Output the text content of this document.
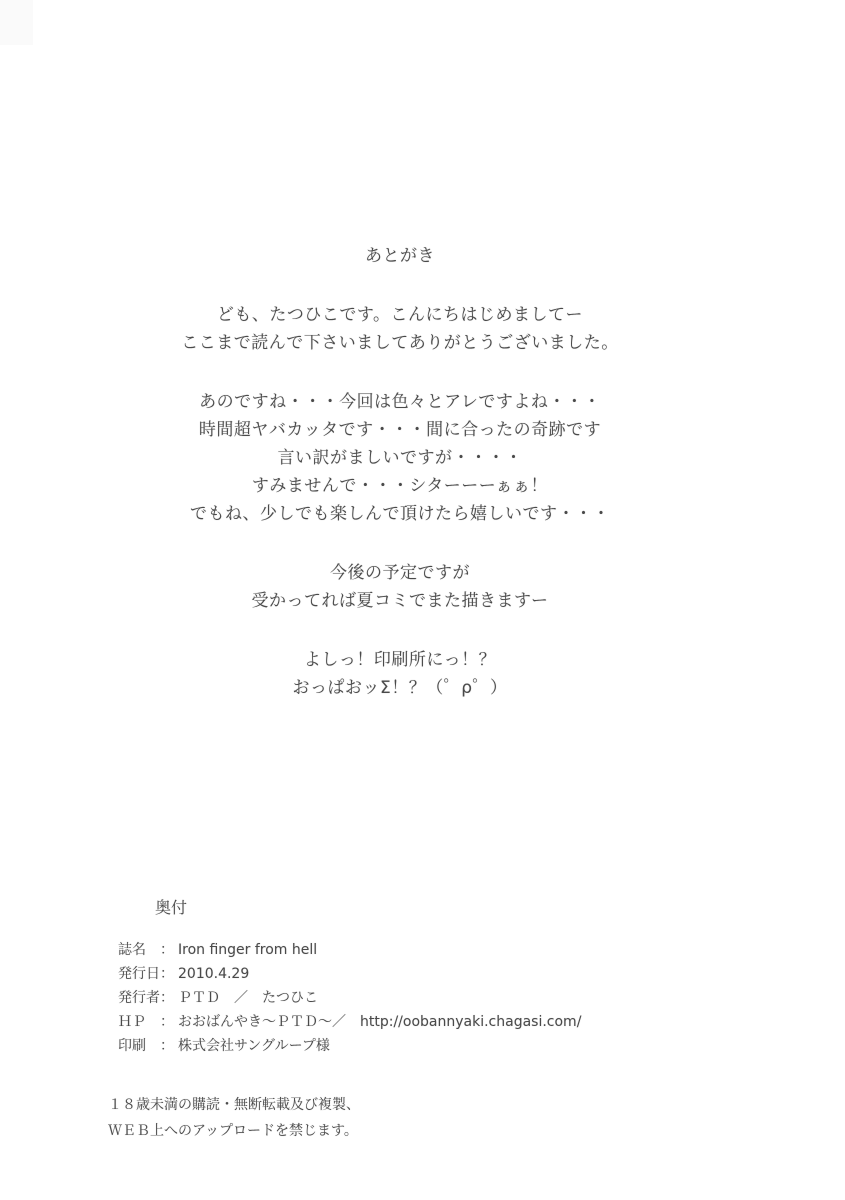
あとがき

ども、たつひこです。こんにちはじめましてー
ここまで読んで下さいましてありがとうございました。

あのですね・・・今回は色々とアレですよね・・・
時間超ヤバカッタです・・・間に合ったの奇跡です
言い訳がましいですが・・・・
すみませんで・・・シターーーぁぁ！
でもね、少しでも楽しんで頂けたら嬉しいです・・・

今後の予定ですが
受かってれば夏コミでまた描きますー

よしっ！印刷所にっ！？
おっぱおッΣ！？（゜ρ゜）

奥付
誌名 ： Iron finger from hell
発行日： 2010.4.29
発行者： ＰＴＤ　／　たつひこ
ＨＰ ： おおばんやき～ＰＴＤ～／　http://oobannyaki.chagasi.com/
印刷 ： 株式会社サングループ様
１８歳未満の購読・無断転載及び複製、
ＷＥＢ上へのアップロードを禁じます。
